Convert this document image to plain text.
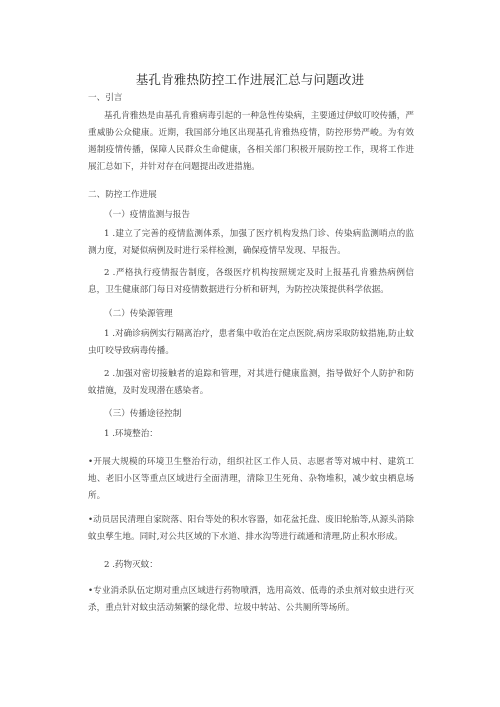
基孔肯雅热防控工作进展汇总与问题改进
一、引言
基孔肯雅热是由基孔肯雅病毒引起的一种急性传染病，主要通过伊蚊叮咬传播，严重威胁公众健康。近期，我国部分地区出现基孔肯雅热疫情，防控形势严峻。为有效遏制疫情传播，保障人民群众生命健康，各相关部门积极开展防控工作，现将工作进展汇总如下，并针对存在问题提出改进措施。
二、防控工作进展
（一）疫情监测与报告
1 .建立了完善的疫情监测体系，加强了医疗机构发热门诊、传染病监测哨点的监测力度，对疑似病例及时进行采样检测，确保疫情早发现、早报告。
2 .严格执行疫情报告制度，各级医疗机构按照规定及时上报基孔肯雅热病例信息，卫生健康部门每日对疫情数据进行分析和研判，为防控决策提供科学依据。
（二）传染源管理
1 .对确诊病例实行隔离治疗，患者集中收治在定点医院,病房采取防蚊措施,防止蚊虫叮咬导致病毒传播。
2 .加强对密切接触者的追踪和管理，对其进行健康监测，指导做好个人防护和防蚊措施，及时发现潜在感染者。
（三）传播途径控制
1 .环境整治：
•开展大规模的环境卫生整治行动，组织社区工作人员、志愿者等对城中村、建筑工地、老旧小区等重点区域进行全面清理，清除卫生死角、杂物堆积，减少蚊虫栖息场所。
•动员居民清理自家院落、阳台等处的积水容器，如花盆托盘、废旧轮胎等,从源头消除蚊虫孳生地。同时,对公共区域的下水道、排水沟等进行疏通和清理,防止积水形成。
2 .药物灭蚊：
•专业消杀队伍定期对重点区域进行药物喷洒，选用高效、低毒的杀虫剂对蚊虫进行灭杀，重点针对蚊虫活动频繁的绿化带、垃圾中转站、公共厕所等场所。
